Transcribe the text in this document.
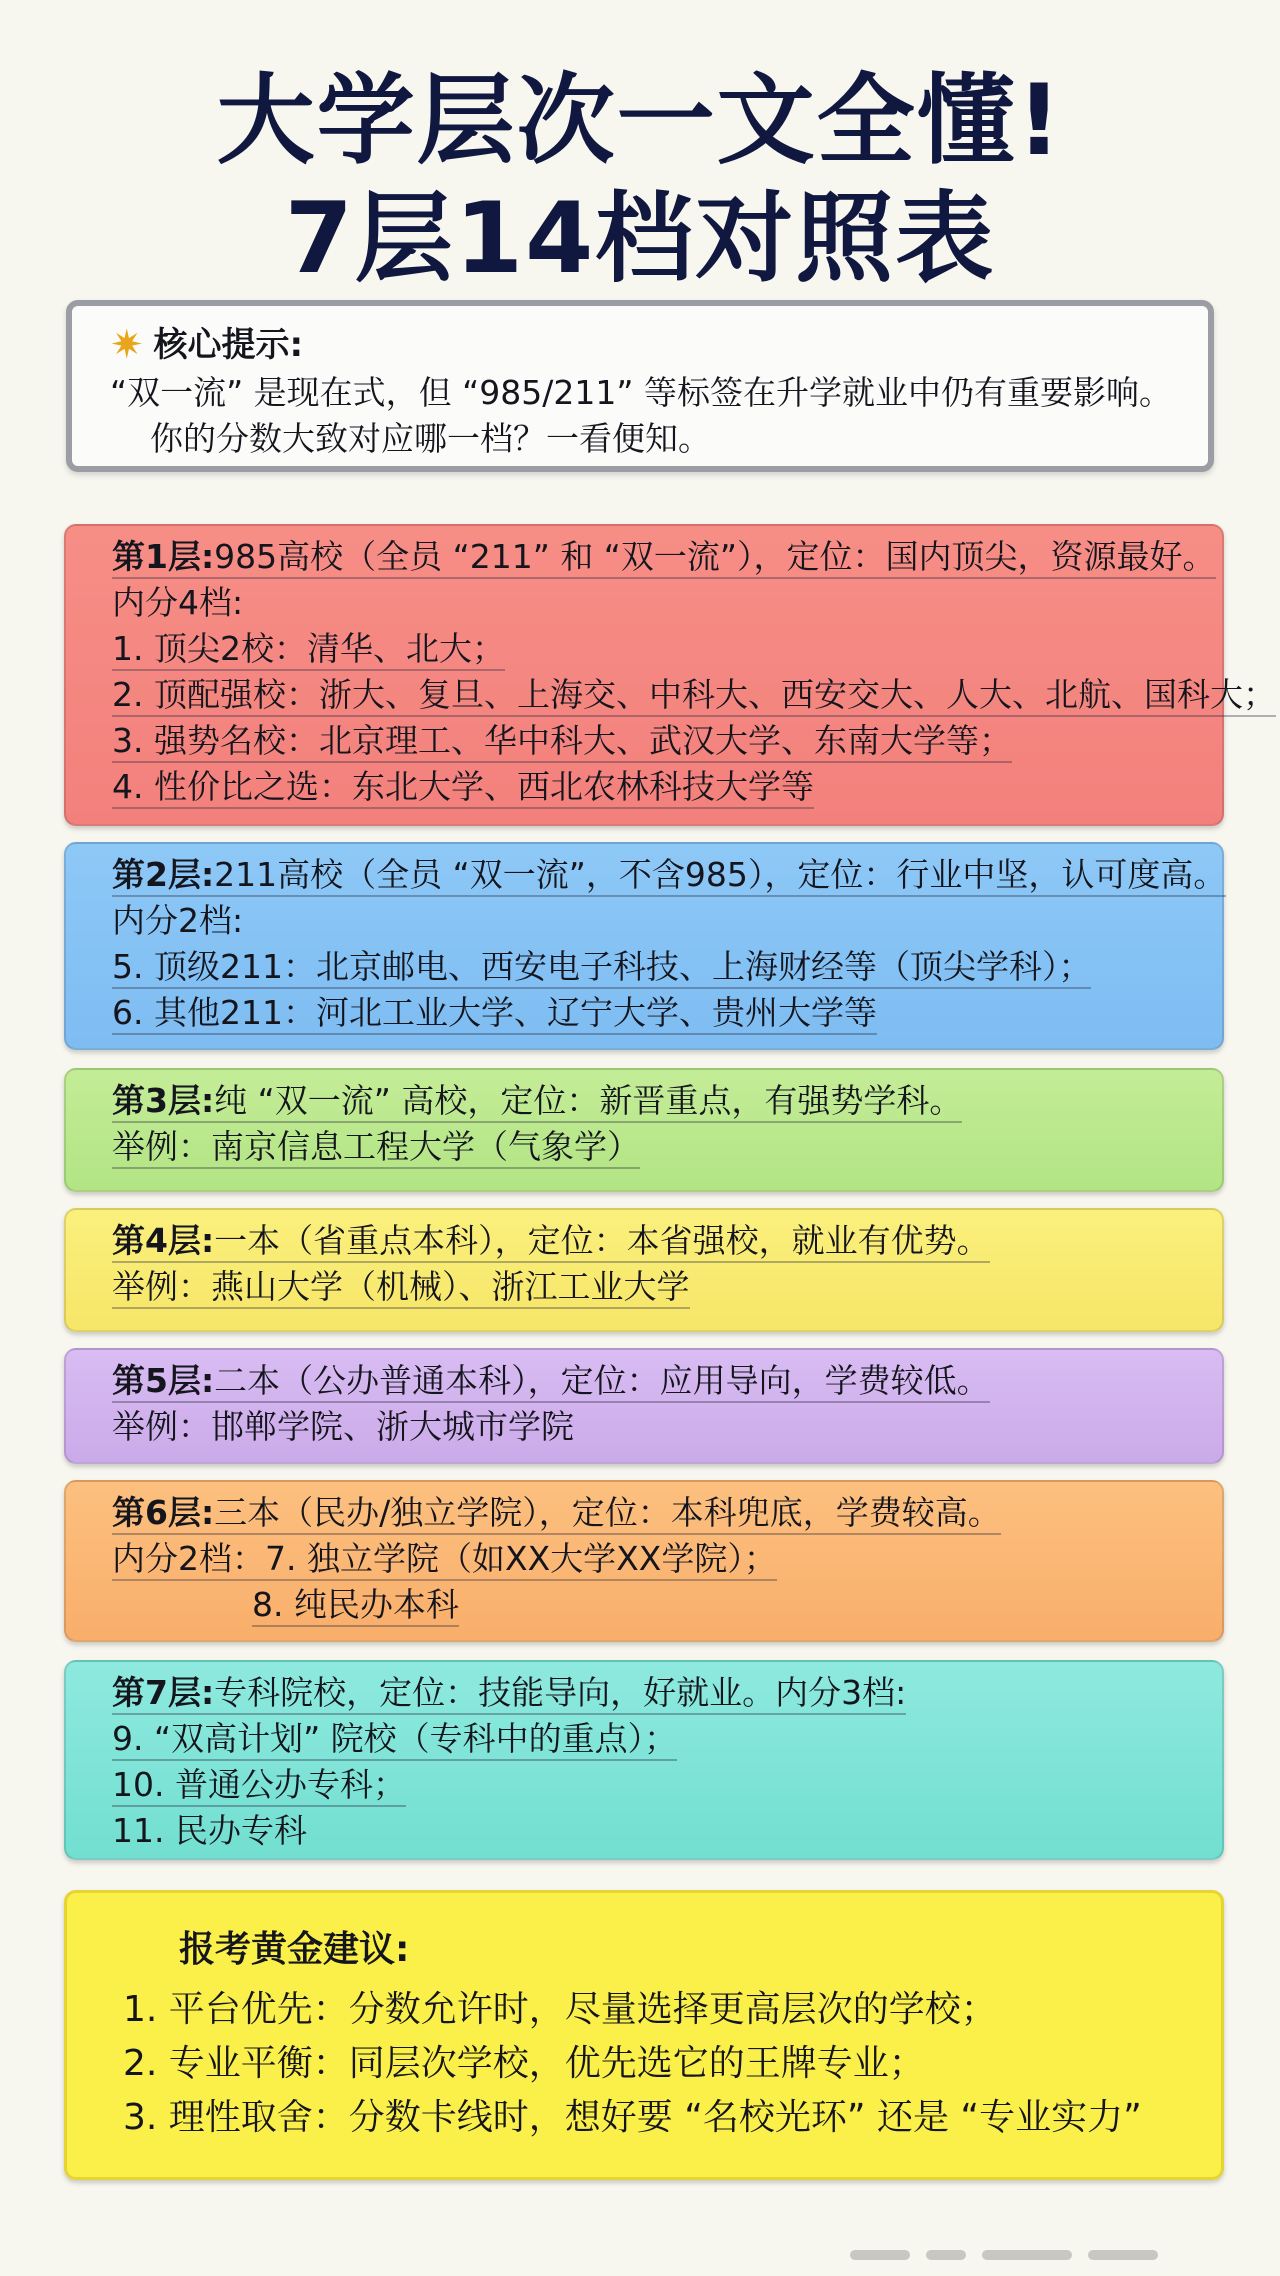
大学层次一文全懂!
7层14档对照表
✷ 核心提示:
“双一流” 是现在式，但 “985/211” 等标签在升学就业中仍有重要影响。
你的分数大致对应哪一档？一看便知。
第1层:985高校（全员 “211” 和 “双一流”），定位：国内顶尖，资源最好。
内分4档:
1. 顶尖2校：清华、北大；
2. 顶配强校：浙大、复旦、上海交、中科大、西安交大、人大、北航、国科大；
3. 强势名校：北京理工、华中科大、武汉大学、东南大学等；
4. 性价比之选：东北大学、西北农林科技大学等
第2层:211高校（全员 “双一流”，不含985），定位：行业中坚，认可度高。
内分2档:
5. 顶级211：北京邮电、西安电子科技、上海财经等（顶尖学科）；
6. 其他211：河北工业大学、辽宁大学、贵州大学等
第3层:纯 “双一流” 高校，定位：新晋重点，有强势学科。
举例：南京信息工程大学（气象学）
第4层:一本（省重点本科），定位：本省强校，就业有优势。
举例：燕山大学（机械）、浙江工业大学
第5层:二本（公办普通本科），定位：应用导向，学费较低。
举例：邯郸学院、浙大城市学院
第6层:三本（民办/独立学院），定位：本科兜底，学费较高。
内分2档：7. 独立学院（如XX大学XX学院）；
8. 纯民办本科
第7层:专科院校，定位：技能导向，好就业。内分3档:
9. “双高计划” 院校（专科中的重点）；
10. 普通公办专科；
11. 民办专科
报考黄金建议:
1. 平台优先：分数允许时，尽量选择更高层次的学校；
2. 专业平衡：同层次学校，优先选它的王牌专业；
3. 理性取舍：分数卡线时，想好要 “名校光环” 还是 “专业实力”
